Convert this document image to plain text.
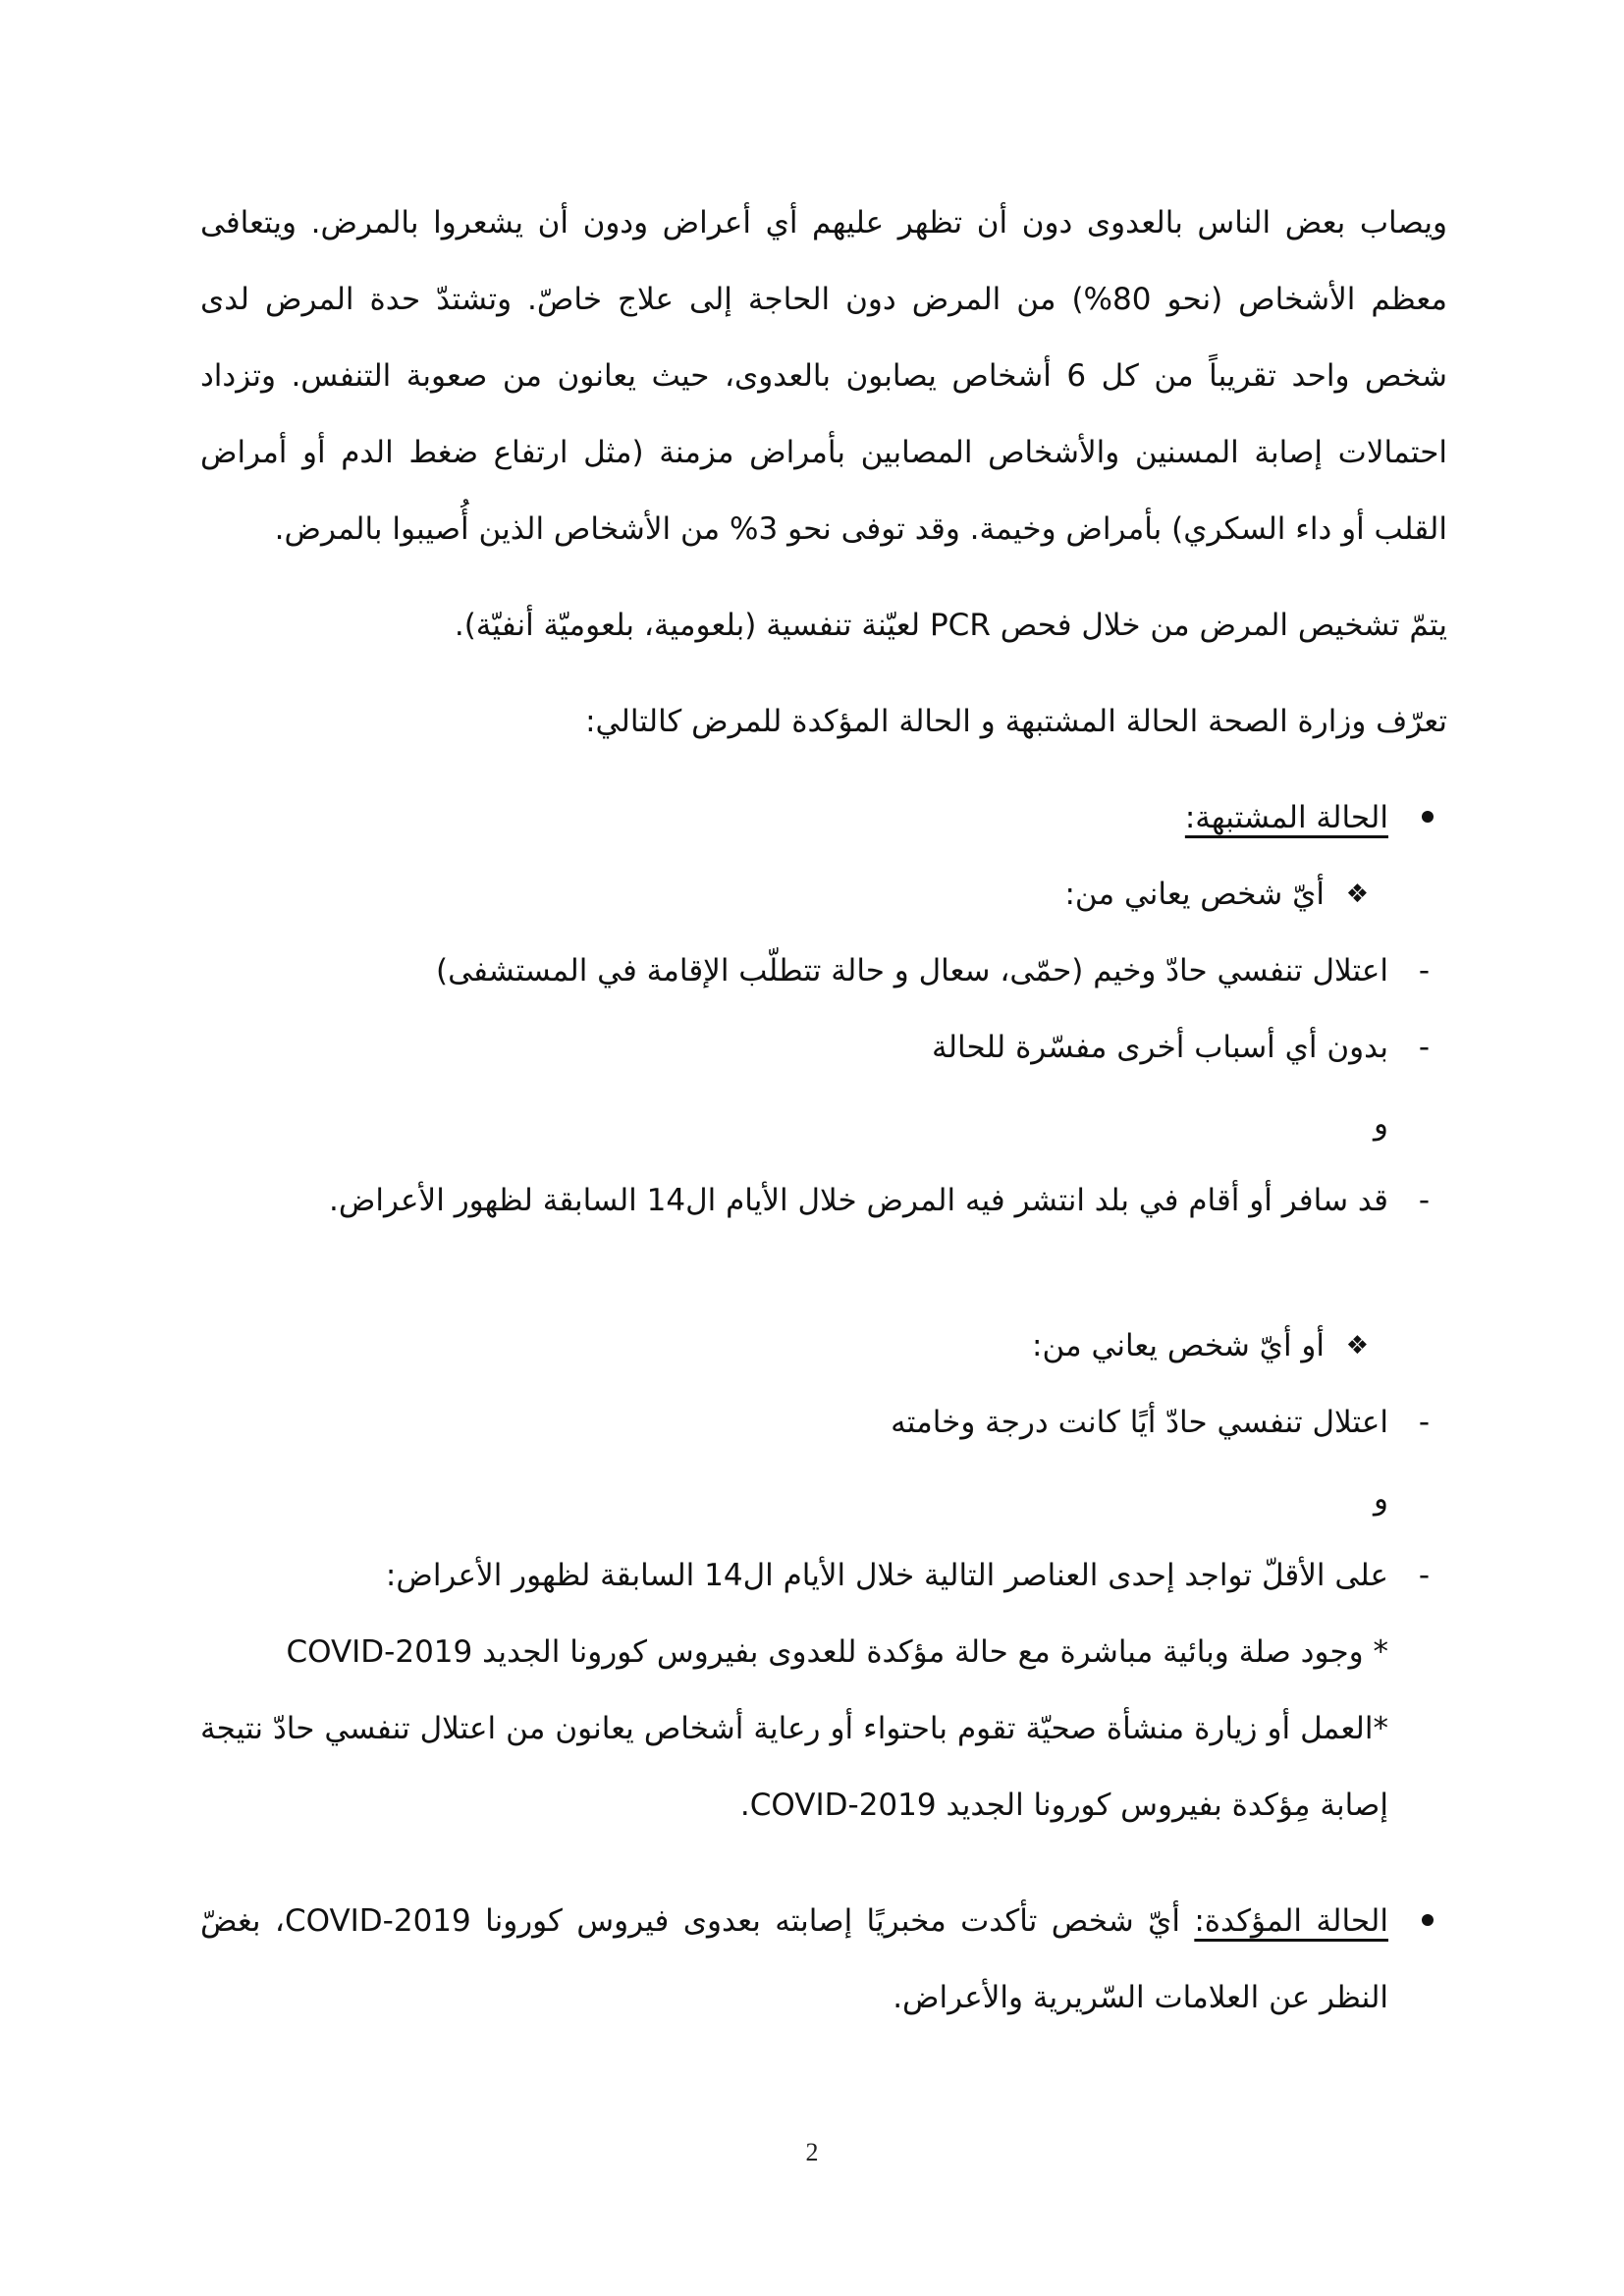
ويصاب بعض الناس بالعدوى دون أن تظهر عليهم أي أعراض ودون أن يشعروا بالمرض. ويتعافى معظم الأشخاص (نحو 80%) من المرض دون الحاجة إلى علاج خاصّ. وتشتدّ حدة المرض لدى شخص واحد تقريباً من كل 6 أشخاص يصابون بالعدوى، حيث يعانون من صعوبة التنفس. وتزداد احتمالات إصابة المسنين والأشخاص المصابين بأمراض مزمنة (مثل ارتفاع ضغط الدم أو أمراض القلب أو داء السكري) بأمراض وخيمة. وقد توفى نحو 3% من الأشخاص الذين أُصيبوا بالمرض.

يتمّ تشخيص المرض من خلال فحص PCR لعيّنة تنفسية (بلعومية، بلعوميّة أنفيّة).

تعرّف وزارة الصحة الحالة المشتبهة و الحالة المؤكدة للمرض كالتالي:

الحالة المشتبهة:
❖
أيّ شخص يعاني من:
-
اعتلال تنفسي حادّ وخيم (حمّى، سعال و حالة تتطلّب الإقامة في المستشفى)
-
بدون أي أسباب أخرى مفسّرة للحالة
و
-
قد سافر أو أقام في بلد انتشر فيه المرض خلال الأيام ال14 السابقة لظهور الأعراض.
❖
أو أيّ شخص يعاني من:
-
اعتلال تنفسي حادّ أيًا كانت درجة وخامته
و
-
على الأقلّ تواجد إحدى العناصر التالية خلال الأيام ال14 السابقة لظهور الأعراض:
* وجود صلة وبائية مباشرة مع حالة مؤكدة للعدوى بفيروس كورونا الجديد COVID-2019
*العمل أو زيارة منشأة صحيّة تقوم باحتواء أو رعاية أشخاص يعانون من اعتلال تنفسي حادّ نتيجة إصابة مِؤكدة بفيروس كورونا الجديد COVID-2019.
الحالة المؤكدة: أيّ شخص تأكدت مخبريًا إصابته بعدوى فيروس كورونا COVID-2019، بغضّ النظر عن العلامات السّريرية والأعراض.
2
